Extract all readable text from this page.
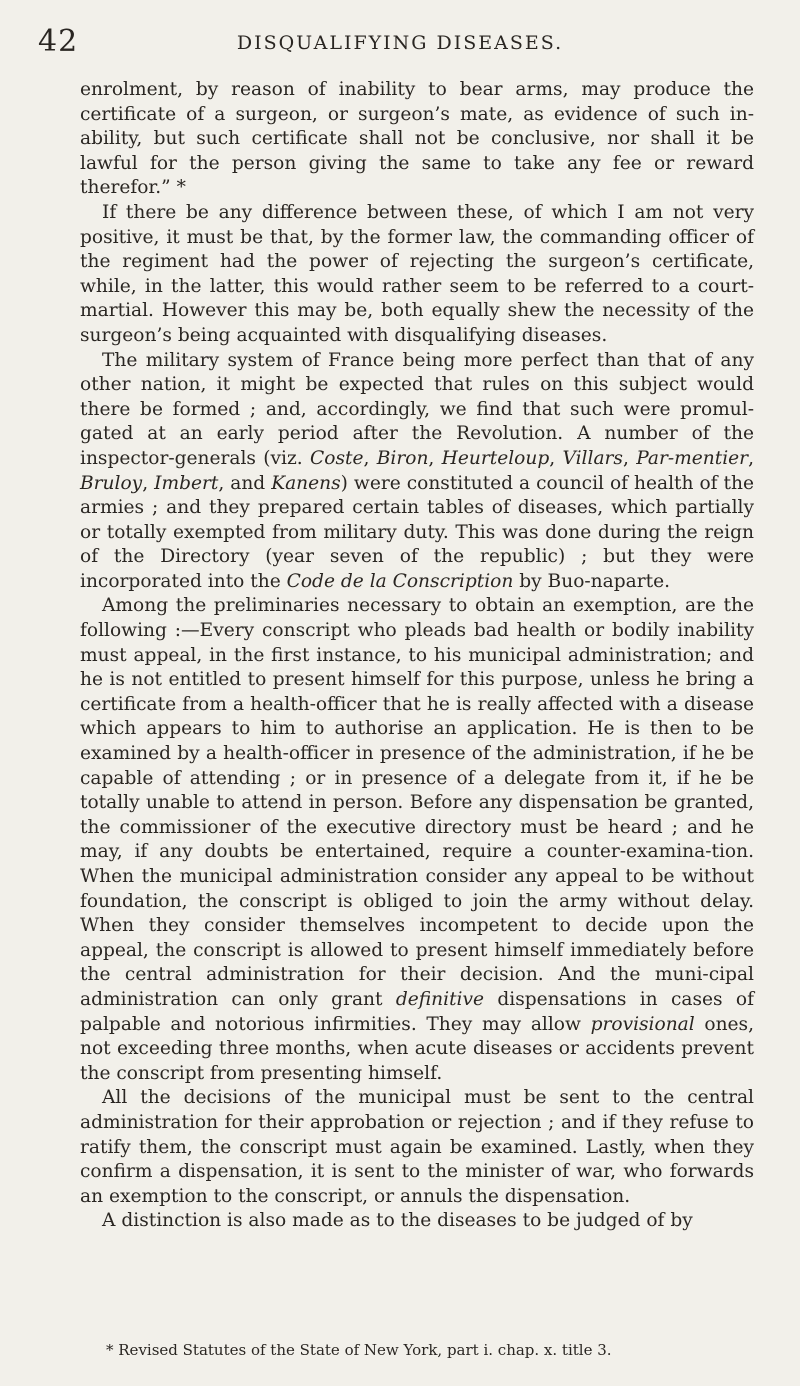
42	DISQUALIFYING DISEASES.

enrolment, by reason of inability to bear arms, may produce the certificate of a surgeon, or surgeon’s mate, as evidence of such in-ability, but such certificate shall not be conclusive, nor shall it be lawful for the person giving the same to take any fee or reward therefor.” *

If there be any difference between these, of which I am not very positive, it must be that, by the former law, the commanding officer of the regiment had the power of rejecting the surgeon’s certificate, while, in the latter, this would rather seem to be referred to a court-martial. However this may be, both equally shew the necessity of the surgeon’s being acquainted with disqualifying diseases.

The military system of France being more perfect than that of any other nation, it might be expected that rules on this subject would there be formed ; and, accordingly, we find that such were promul-gated at an early period after the Revolution. A number of the inspector-generals (viz. Coste, Biron, Heurteloup, Villars, Par-mentier, Bruloy, Imbert, and Kanens) were constituted a council of health of the armies ; and they prepared certain tables of diseases, which partially or totally exempted from military duty. This was done during the reign of the Directory (year seven of the republic) ; but they were incorporated into the Code de la Conscription by Buo-naparte.

Among the preliminaries necessary to obtain an exemption, are the following :—Every conscript who pleads bad health or bodily inability must appeal, in the first instance, to his municipal administration; and he is not entitled to present himself for this purpose, unless he bring a certificate from a health-officer that he is really affected with a disease which appears to him to authorise an application. He is then to be examined by a health-officer in presence of the administration, if he be capable of attending ; or in presence of a delegate from it, if he be totally unable to attend in person. Before any dispensation be granted, the commissioner of the executive directory must be heard ; and he may, if any doubts be entertained, require a counter-examina-tion. When the municipal administration consider any appeal to be without foundation, the conscript is obliged to join the army without delay. When they consider themselves incompetent to decide upon the appeal, the conscript is allowed to present himself immediately before the central administration for their decision. And the muni-cipal administration can only grant definitive dispensations in cases of palpable and notorious infirmities. They may allow provisional ones, not exceeding three months, when acute diseases or accidents prevent the conscript from presenting himself.

All the decisions of the municipal must be sent to the central administration for their approbation or rejection ; and if they refuse to ratify them, the conscript must again be examined. Lastly, when they confirm a dispensation, it is sent to the minister of war, who forwards an exemption to the conscript, or annuls the dispensation.

A distinction is also made as to the diseases to be judged of by

* Revised Statutes of the State of New York, part i. chap. x. title 3.
